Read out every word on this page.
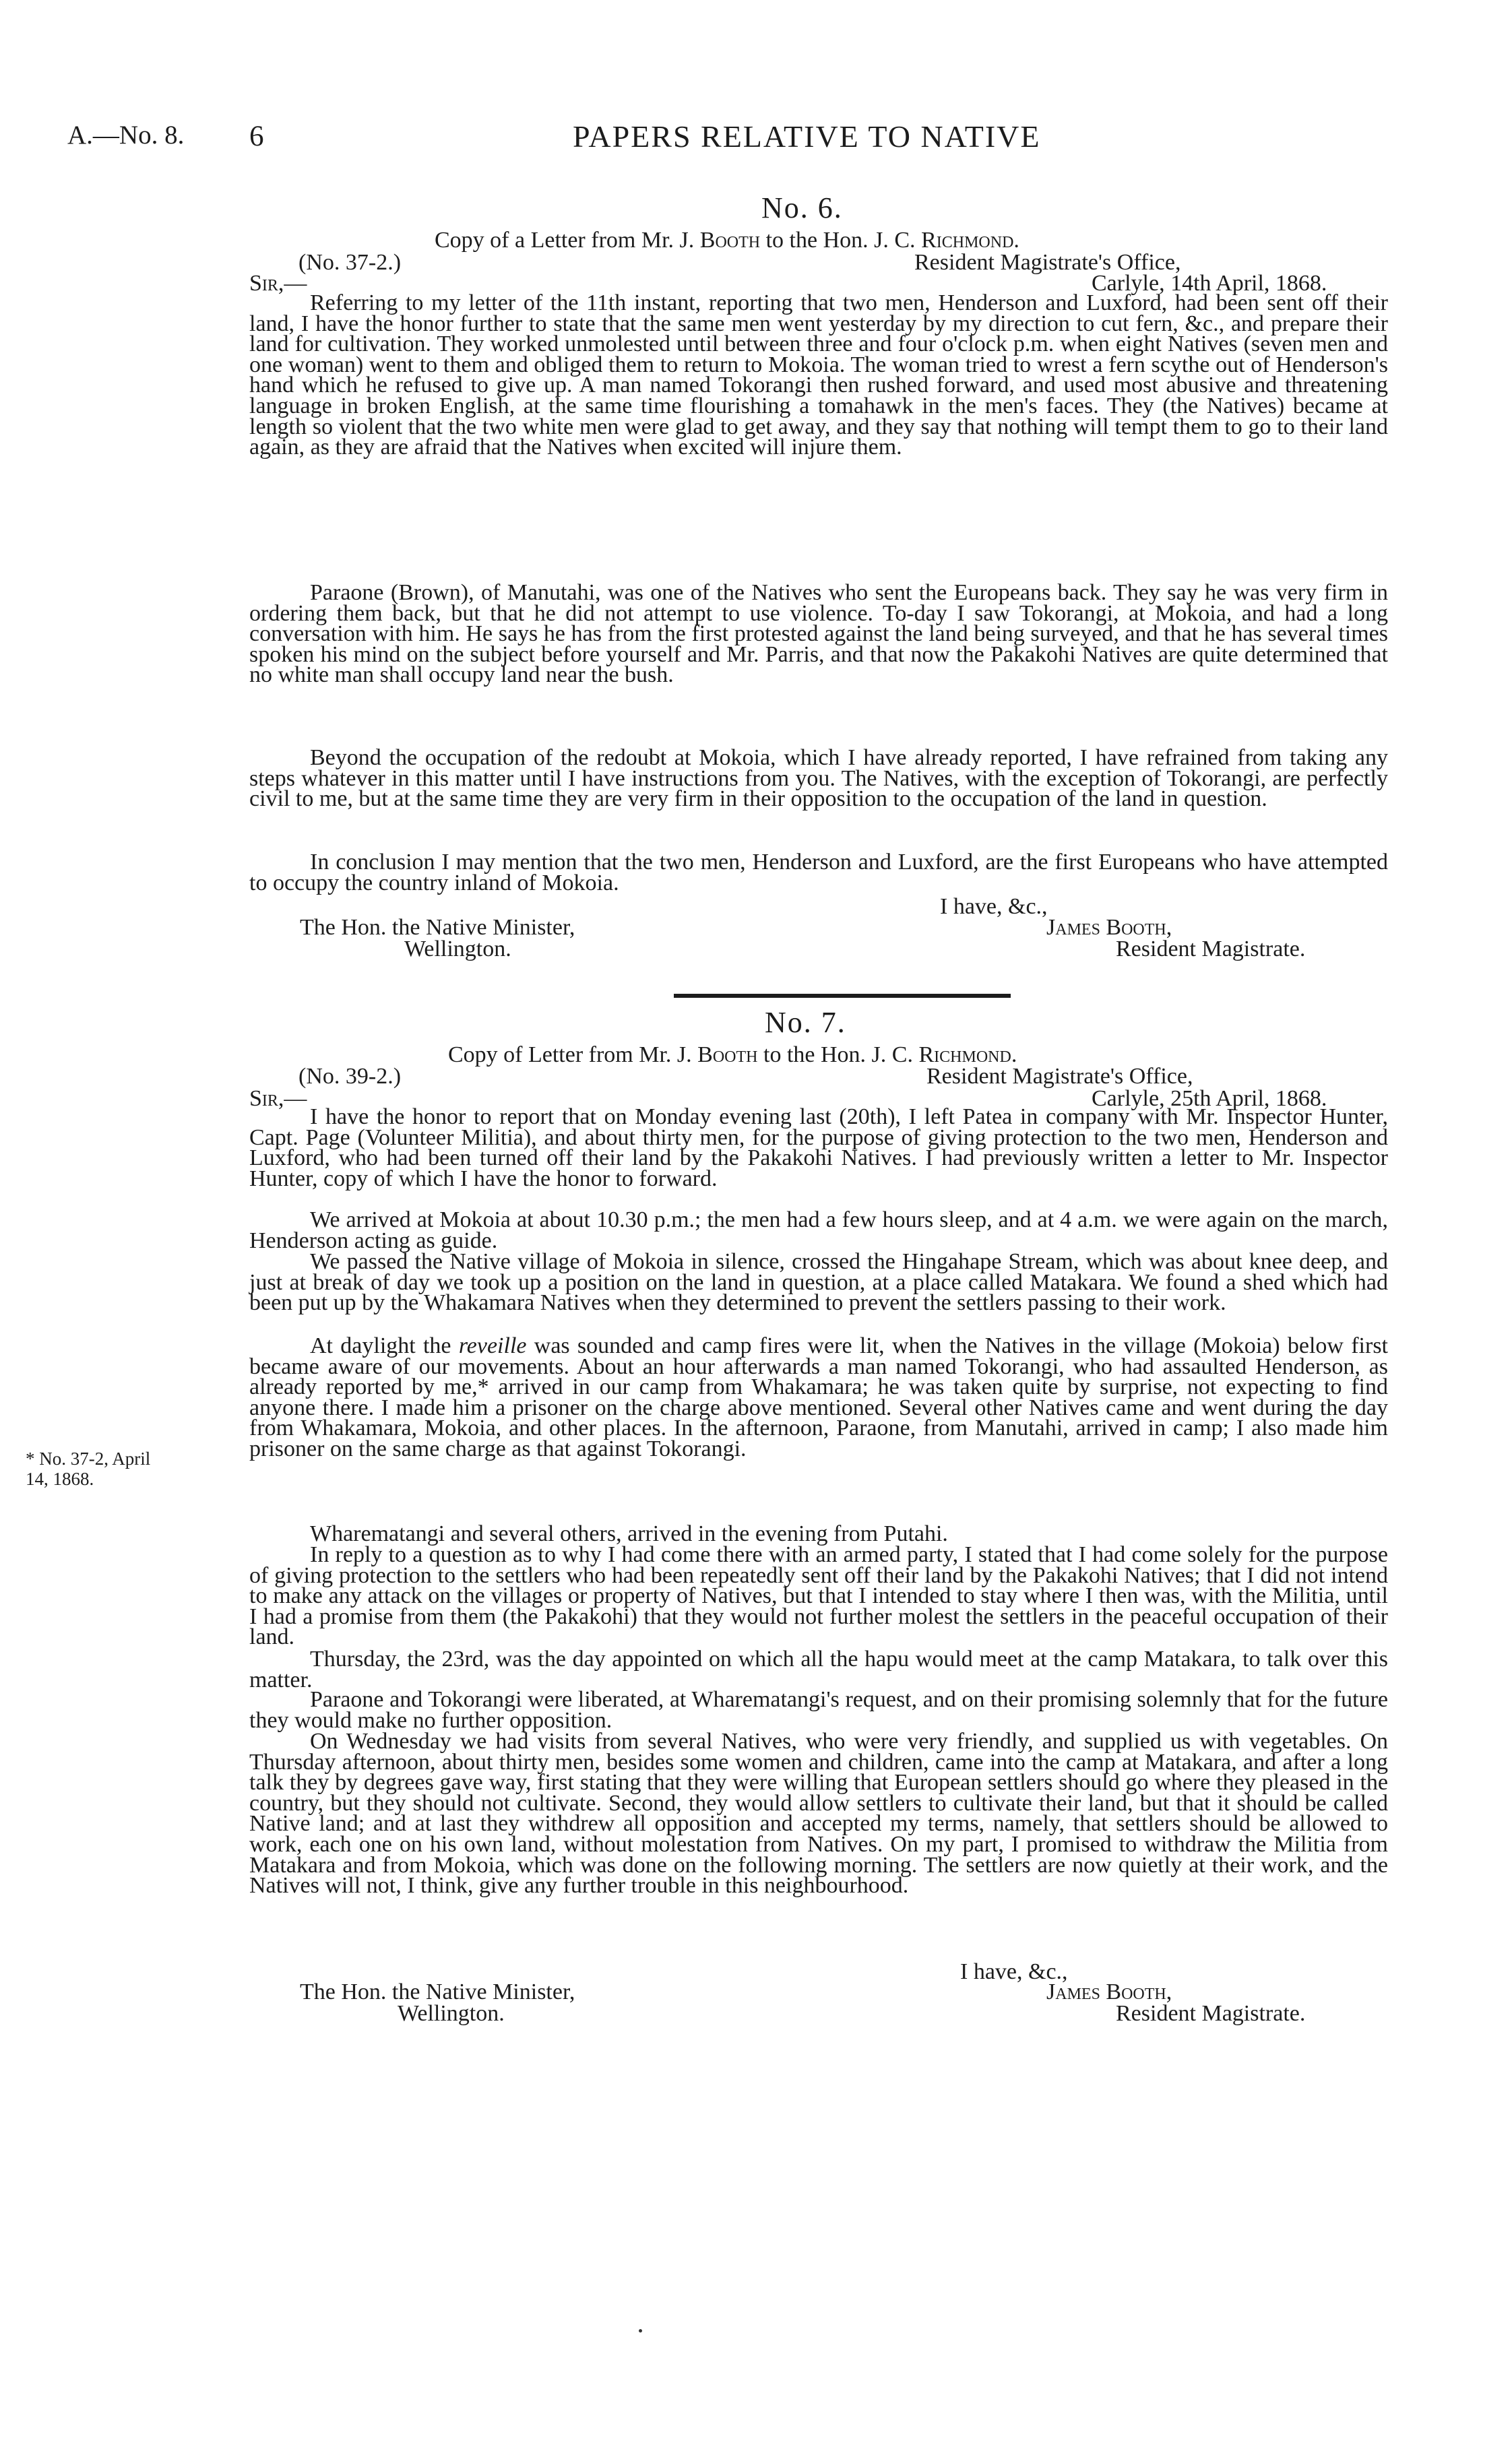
A.—No. 8. 6	PAPERS RELATIVE TO NATIVE
No. 6.
Copy of a Letter from Mr. J. Booth to the Hon. J. C. Richmond.
(No. 37-2.)	Resident Magistrate's Office,
Sir,—	Carlyle, 14th April, 1868.

Referring to my letter of the 11th instant, reporting that two men, Henderson and Luxford, had been sent off their land, I have the honor further to state that the same men went yesterday by my direction to cut fern, &c., and prepare their land for cultivation. They worked unmolested until between three and four o'clock p.m. when eight Natives (seven men and one woman) went to them and obliged them to return to Mokoia. The woman tried to wrest a fern scythe out of Henderson's hand which he refused to give up. A man named Tokorangi then rushed forward, and used most abusive and threatening language in broken English, at the same time flourishing a tomahawk in the men's faces. They (the Natives) became at length so violent that the two white men were glad to get away, and they say that nothing will tempt them to go to their land again, as they are afraid that the Natives when excited will injure them.

Paraone (Brown), of Manutahi, was one of the Natives who sent the Europeans back. They say he was very firm in ordering them back, but that he did not attempt to use violence. To-day I saw Tokorangi, at Mokoia, and had a long conversation with him. He says he has from the first protested against the land being surveyed, and that he has several times spoken his mind on the subject before yourself and Mr. Parris, and that now the Pakakohi Natives are quite determined that no white man shall occupy land near the bush.

Beyond the occupation of the redoubt at Mokoia, which I have already reported, I have refrained from taking any steps whatever in this matter until I have instructions from you. The Natives, with the exception of Tokorangi, are perfectly civil to me, but at the same time they are very firm in their opposition to the occupation of the land in question.

In conclusion I may mention that the two men, Henderson and Luxford, are the first Europeans who have attempted to occupy the country inland of Mokoia.

I have, &c.,
The Hon. the Native Minister,	James Booth,
Wellington.	Resident Magistrate.
No. 7.
Copy of Letter from Mr. J. Booth to the Hon. J. C. Richmond.
(No. 39-2.)	Resident Magistrate's Office,
Sir,—	Carlyle, 25th April, 1868.

I have the honor to report that on Monday evening last (20th), I left Patea in company with Mr. Inspector Hunter, Capt. Page (Volunteer Militia), and about thirty men, for the purpose of giving protection to the two men, Henderson and Luxford, who had been turned off their land by the Pakakohi Natives. I had previously written a letter to Mr. Inspector Hunter, copy of which I have the honor to forward.

We arrived at Mokoia at about 10.30 p.m.; the men had a few hours sleep, and at 4 a.m. we were again on the march, Henderson acting as guide.

We passed the Native village of Mokoia in silence, crossed the Hingahape Stream, which was about knee deep, and just at break of day we took up a position on the land in question, at a place called Matakara. We found a shed which had been put up by the Whakamara Natives when they determined to prevent the settlers passing to their work.

At daylight the reveille was sounded and camp fires were lit, when the Natives in the village (Mokoia) below first became aware of our movements. About an hour afterwards a man named Tokorangi, who had assaulted Henderson, as already reported by me,* arrived in our camp from Whakamara; he was taken quite by surprise, not expecting to find anyone there. I made him a prisoner on the charge above mentioned. Several other Natives came and went during the day from Whakamara, Mokoia, and other places. In the afternoon, Paraone, from Manutahi, arrived in camp; I also made him prisoner on the same charge as that against Tokorangi.

* No. 37-2, April
14, 1868.

Wharematangi and several others, arrived in the evening from Putahi.

In reply to a question as to why I had come there with an armed party, I stated that I had come solely for the purpose of giving protection to the settlers who had been repeatedly sent off their land by the Pakakohi Natives; that I did not intend to make any attack on the villages or property of Natives, but that I intended to stay where I then was, with the Militia, until I had a promise from them (the Pakakohi) that they would not further molest the settlers in the peaceful occupation of their land.

Thursday, the 23rd, was the day appointed on which all the hapu would meet at the camp Matakara, to talk over this matter.

Paraone and Tokorangi were liberated, at Wharematangi's request, and on their promising solemnly that for the future they would make no further opposition.

On Wednesday we had visits from several Natives, who were very friendly, and supplied us with vegetables. On Thursday afternoon, about thirty men, besides some women and children, came into the camp at Matakara, and after a long talk they by degrees gave way, first stating that they were willing that European settlers should go where they pleased in the country, but they should not cultivate. Second, they would allow settlers to cultivate their land, but that it should be called Native land; and at last they withdrew all opposition and accepted my terms, namely, that settlers should be allowed to work, each one on his own land, without molestation from Natives. On my part, I promised to withdraw the Militia from Matakara and from Mokoia, which was done on the following morning. The settlers are now quietly at their work, and the Natives will not, I think, give any further trouble in this neighbourhood.

I have, &c.,
The Hon. the Native Minister,	James Booth,
Wellington.	Resident Magistrate.
